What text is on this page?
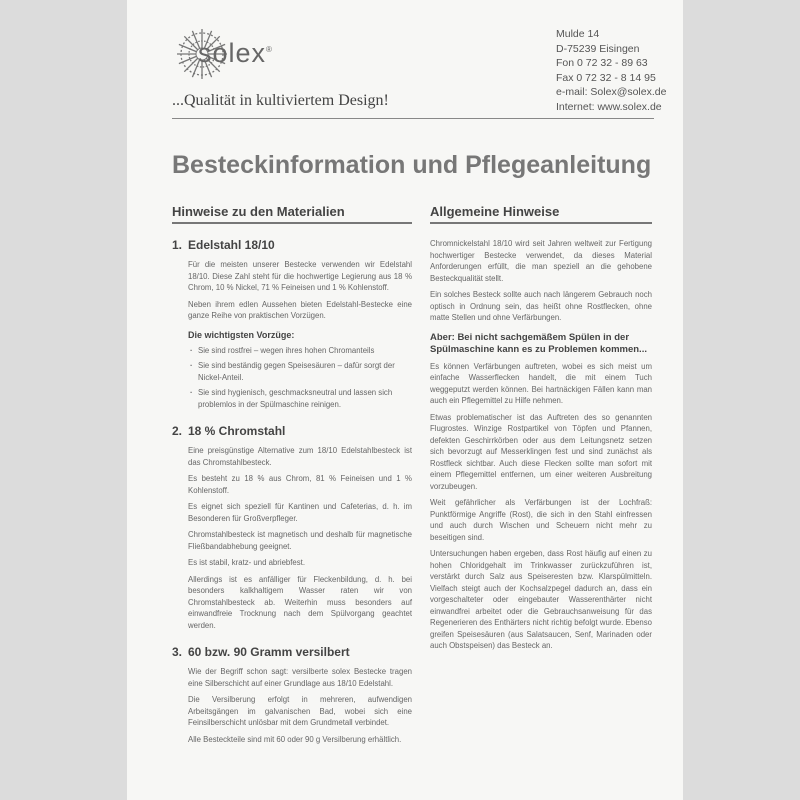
solex®
...Qualität in kultiviertem Design!
Mulde 14
D-75239 Eisingen
Fon 0 72 32 - 89 63
Fax 0 72 32 - 8 14 95
e-mail: Solex@solex.de
Internet: www.solex.de
Besteckinformation und Pflegeanleitung
Hinweise zu den Materialien
1. Edelstahl 18/10

Für die meisten unserer Bestecke verwenden wir Edelstahl 18/10. Diese Zahl steht für die hochwertige Legierung aus 18 % Chrom, 10 % Nickel, 71 % Feineisen und 1 % Kohlenstoff.

Neben ihrem edlen Aussehen bieten Edelstahl-Bestecke eine ganze Reihe von praktischen Vorzügen.

Die wichtigsten Vorzüge:
· Sie sind rostfrei – wegen ihres hohen Chromanteils
· Sie sind beständig gegen Speisesäuren – dafür sorgt der Nickel-Anteil.
· Sie sind hygienisch, geschmacksneutral und lassen sich problemlos in der Spülmaschine reinigen.
2. 18 % Chromstahl

Eine preisgünstige Alternative zum 18/10 Edelstahlbesteck ist das Chromstahlbesteck.

Es besteht zu 18 % aus Chrom, 81 % Feineisen und 1 % Kohlenstoff.

Es eignet sich speziell für Kantinen und Cafeterias, d. h. im Besonderen für Großverpfleger.

Chromstahlbesteck ist magnetisch und deshalb für magnetische Fließbandabhebung geeignet.

Es ist stabil, kratz- und abriebfest.

Allerdings ist es anfälliger für Fleckenbildung, d. h. bei besonders kalkhaltigem Wasser raten wir von Chromstahlbesteck ab. Weiterhin muss besonders auf einwandfreie Trocknung nach dem Spülvorgang geachtet werden.

3. 60 bzw. 90 Gramm versilbert

Wie der Begriff schon sagt: versilberte solex Bestecke tragen eine Silberschicht auf einer Grundlage aus 18/10 Edelstahl.

Die Versilberung erfolgt in mehreren, aufwendigen Arbeitsgängen im galvanischen Bad, wobei sich eine Feinsilberschicht unlösbar mit dem Grundmetall verbindet.

Alle Besteckteile sind mit 60 oder 90 g Versilberung erhältlich.

Allgemeine Hinweise

Chromnickelstahl 18/10 wird seit Jahren weltweit zur Fertigung hochwertiger Bestecke verwendet, da dieses Material Anforderungen erfüllt, die man speziell an die gehobene Besteckqualität stellt.

Ein solches Besteck sollte auch nach längerem Gebrauch noch optisch in Ordnung sein, das heißt ohne Rostflecken, ohne matte Stellen und ohne Verfärbungen.

Aber: Bei nicht sachgemäßem Spülen in der Spülmaschine kann es zu Problemen kommen...

Es können Verfärbungen auftreten, wobei es sich meist um einfache Wasserflecken handelt, die mit einem Tuch weggeputzt werden können. Bei hartnäckigen Fällen kann man auch ein Pflegemittel zu Hilfe nehmen.

Etwas problematischer ist das Auftreten des so genannten Flugrostes. Winzige Rostpartikel von Töpfen und Pfannen, defekten Geschirrkörben oder aus dem Leitungsnetz setzen sich bevorzugt auf Messerklingen fest und sind zunächst als Rostfleck sichtbar. Auch diese Flecken sollte man sofort mit einem Pflegemittel entfernen, um einer weiteren Ausbreitung vorzubeugen.

Weit gefährlicher als Verfärbungen ist der Lochfraß: Punktförmige Angriffe (Rost), die sich in den Stahl einfressen und auch durch Wischen und Scheuern nicht mehr zu beseitigen sind.

Untersuchungen haben ergeben, dass Rost häufig auf einen zu hohen Chloridgehalt im Trinkwasser zurückzuführen ist, verstärkt durch Salz aus Speiseresten bzw. Klarspülmitteln. Vielfach steigt auch der Kochsalzpegel dadurch an, dass ein vorgeschalteter oder eingebauter Wasserenthärter nicht einwandfrei arbeitet oder die Gebrauchsanweisung für das Regenerieren des Enthärters nicht richtig befolgt wurde. Ebenso greifen Speisesäuren (aus Salatsaucen, Senf, Marinaden oder auch Obstspeisen) das Besteck an.
